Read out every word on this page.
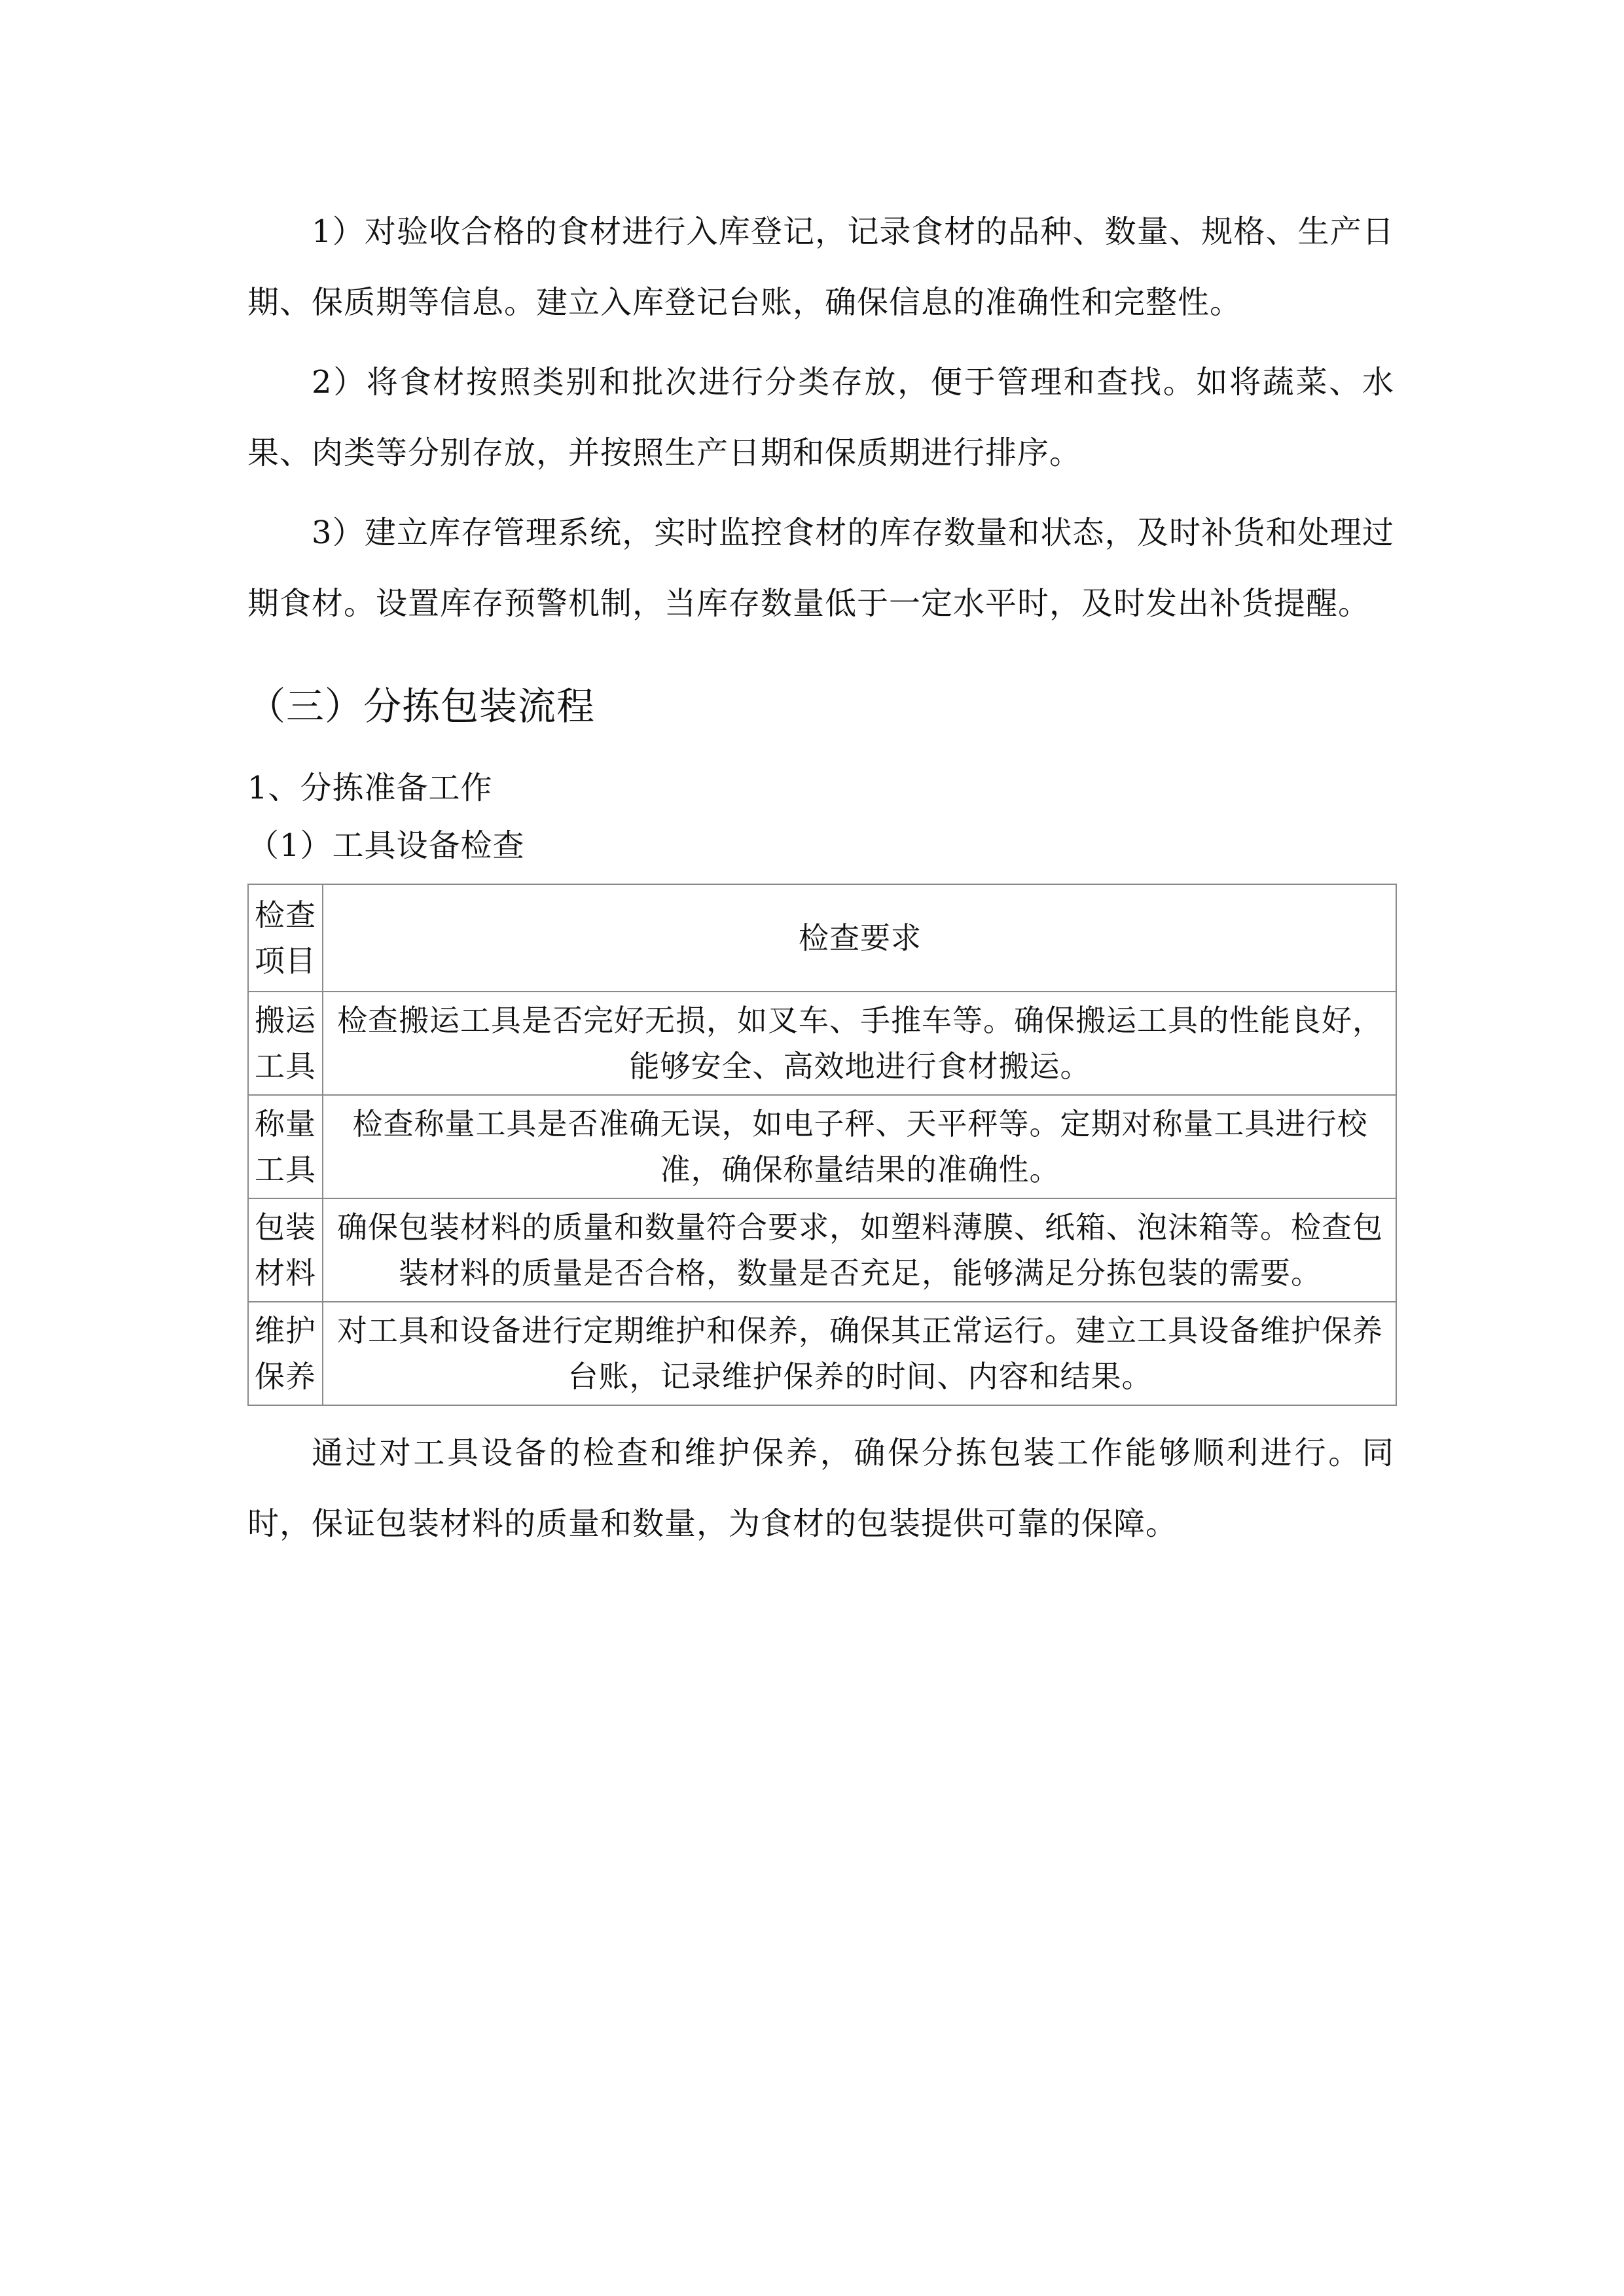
1）对验收合格的食材进行入库登记，记录食材的品种、数量、规格、生产日期、保质期等信息。建立入库登记台账，确保信息的准确性和完整性。

2）将食材按照类别和批次进行分类存放，便于管理和查找。如将蔬菜、水果、肉类等分别存放，并按照生产日期和保质期进行排序。

3）建立库存管理系统，实时监控食材的库存数量和状态，及时补货和处理过期食材。设置库存预警机制，当库存数量低于一定水平时，及时发出补货提醒。

（三）分拣包装流程
1、分拣准备工作
（1）工具设备检查
检查项目	检查要求
搬运工具	检查搬运工具是否完好无损，如叉车、手推车等。确保搬运工具的性能良好，能够安全、高效地进行食材搬运。
称量工具	检查称量工具是否准确无误，如电子秤、天平秤等。定期对称量工具进行校准，确保称量结果的准确性。
包装材料	确保包装材料的质量和数量符合要求，如塑料薄膜、纸箱、泡沫箱等。检查包装材料的质量是否合格，数量是否充足，能够满足分拣包装的需要。
维护保养	对工具和设备进行定期维护和保养，确保其正常运行。建立工具设备维护保养台账，记录维护保养的时间、内容和结果。

通过对工具设备的检查和维护保养，确保分拣包装工作能够顺利进行。同时，保证包装材料的质量和数量，为食材的包装提供可靠的保障。
